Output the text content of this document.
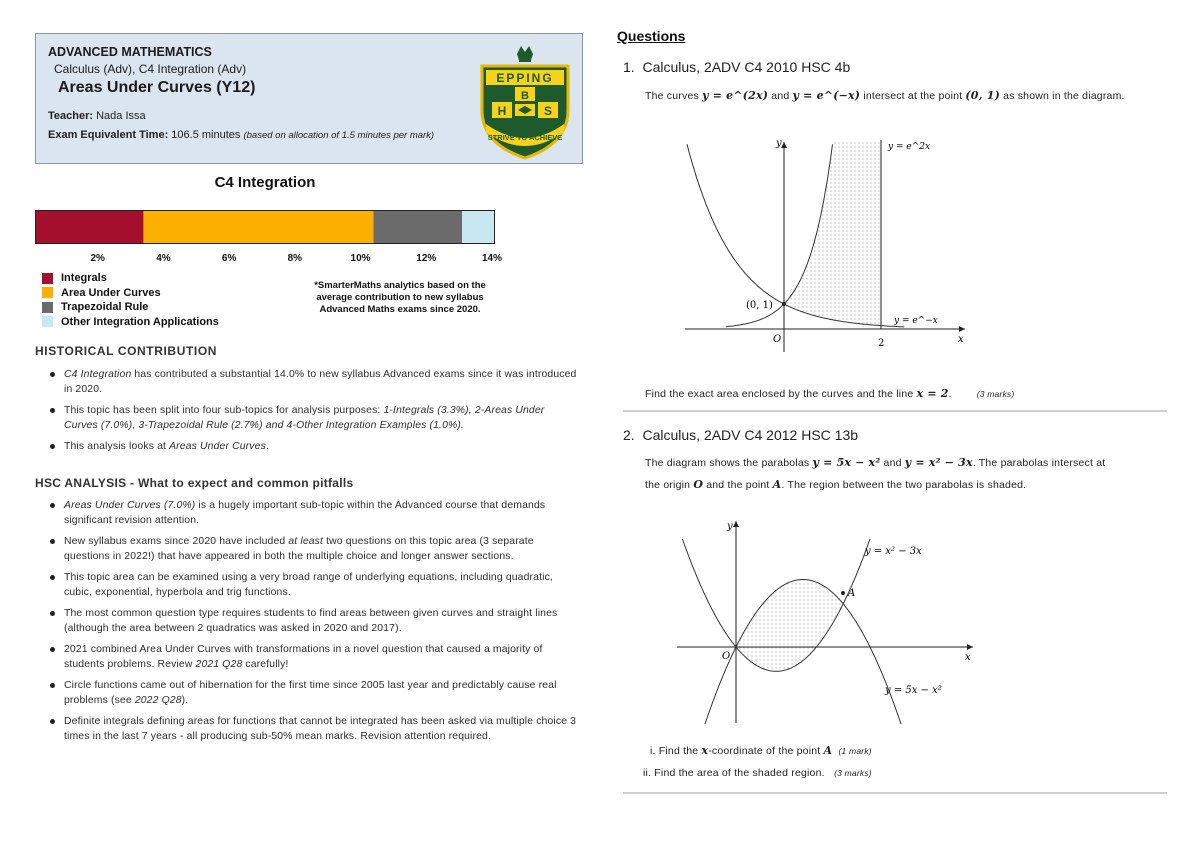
ADVANCED MATHEMATICS
Calculus (Adv), C4 Integration (Adv)
Areas Under Curves (Y12)
Teacher: Nada Issa
Exam Equivalent Time: 106.5 minutes (based on allocation of 1.5 minutes per mark)
EPPING
B
H	S
STRIVE TO ACHIEVE
C4 Integration
2%	4%	6%	8%	10%	12%	14%
Integrals
Area Under Curves
Trapezoidal Rule
Other Integration Applications
*SmarterMaths analytics based on the average contribution to new syllabus Advanced Maths exams since 2020.
HISTORICAL CONTRIBUTION
C4 Integration has contributed a substantial 14.0% to new syllabus Advanced exams since it was introduced in 2020.
This topic has been split into four sub-topics for analysis purposes: 1-Integrals (3.3%), 2-Areas Under Curves (7.0%), 3-Trapezoidal Rule (2.7%) and 4-Other Integration Examples (1.0%).
This analysis looks at Areas Under Curves.
HSC ANALYSIS - What to expect and common pitfalls
Areas Under Curves (7.0%) is a hugely important sub-topic within the Advanced course that demands significant revision attention.
New syllabus exams since 2020 have included at least two questions on this topic area (3 separate questions in 2022!) that have appeared in both the multiple choice and longer answer sections.
This topic area can be examined using a very broad range of underlying equations, including quadratic, cubic, exponential, hyperbola and trig functions.
The most common question type requires students to find areas between given curves and straight lines (although the area between 2 quadratics was asked in 2020 and 2017).
2021 combined Area Under Curves with transformations in a novel question that caused a majority of students problems. Review 2021 Q28 carefully!
Circle functions came out of hibernation for the first time since 2005 last year and predictably cause real problems (see 2022 Q28).
Definite integrals defining areas for functions that cannot be integrated has been asked via multiple choice 3 times in the last 7 years - all producing sub-50% mean marks. Revision attention required.
Questions
1. Calculus, 2ADV C4 2010 HSC 4b
The curves y = e^(2x) and y = e^(−x) intersect at the point (0, 1) as shown in the diagram.
y
x
O
(0, 1)
2
y = e^2x
y = e^−x
Find the exact area enclosed by the curves and the line x = 2.	(3 marks)
2. Calculus, 2ADV C4 2012 HSC 13b
The diagram shows the parabolas y = 5x − x² and y = x² − 3x. The parabolas intersect at
the origin O and the point A. The region between the two parabolas is shaded.
y
x
O
A
y = x² − 3x
y = 5x − x²
i. Find the x-coordinate of the point A (1 mark)
ii. Find the area of the shaded region. (3 marks)
